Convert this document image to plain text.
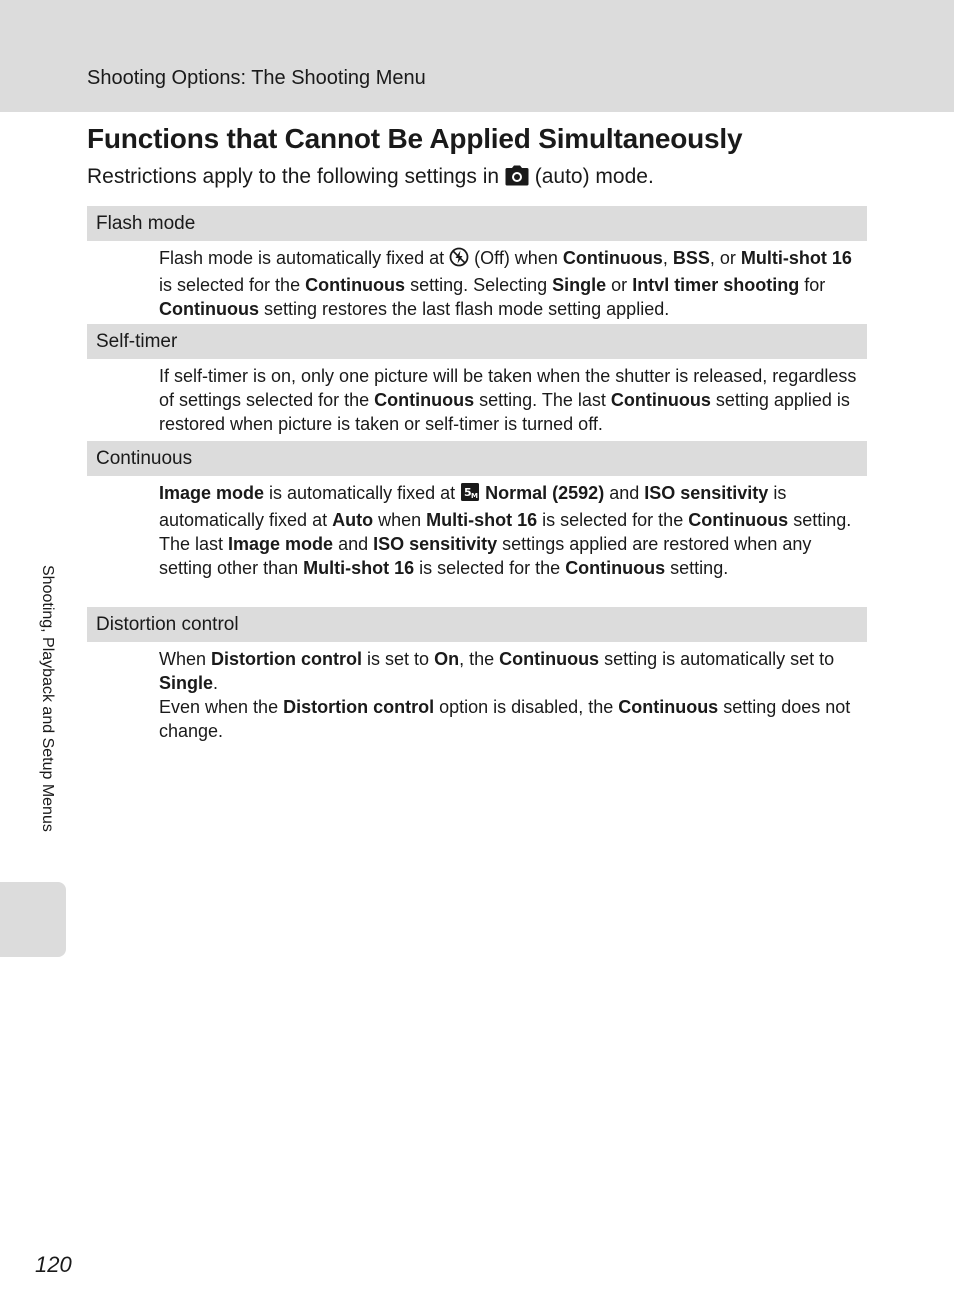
Shooting Options: The Shooting Menu
Functions that Cannot Be Applied Simultaneously
Restrictions apply to the following settings in (auto) mode.
Flash mode

Flash mode is automatically fixed at  (Off) when Continuous, BSS, or Multi-shot 16 is selected for the Continuous setting. Selecting Single or Intvl timer shooting for Continuous setting restores the last flash mode setting applied.

Self-timer

If self-timer is on, only one picture will be taken when the shutter is released, regardless of settings selected for the Continuous setting. The last Continuous setting applied is restored when picture is taken or self-timer is turned off.

Continuous

Image mode is automatically fixed at 5 M Normal (2592) and ISO sensitivity is automatically fixed at Auto when Multi-shot 16 is selected for the Continuous setting.

The last Image mode and ISO sensitivity settings applied are restored when any setting other than Multi-shot 16 is selected for the Continuous setting.

Distortion control

When Distortion control is set to On, the Continuous setting is automatically set to Single.

Even when the Distortion control option is disabled, the Continuous setting does not change.

Shooting, Playback and Setup Menus
120
